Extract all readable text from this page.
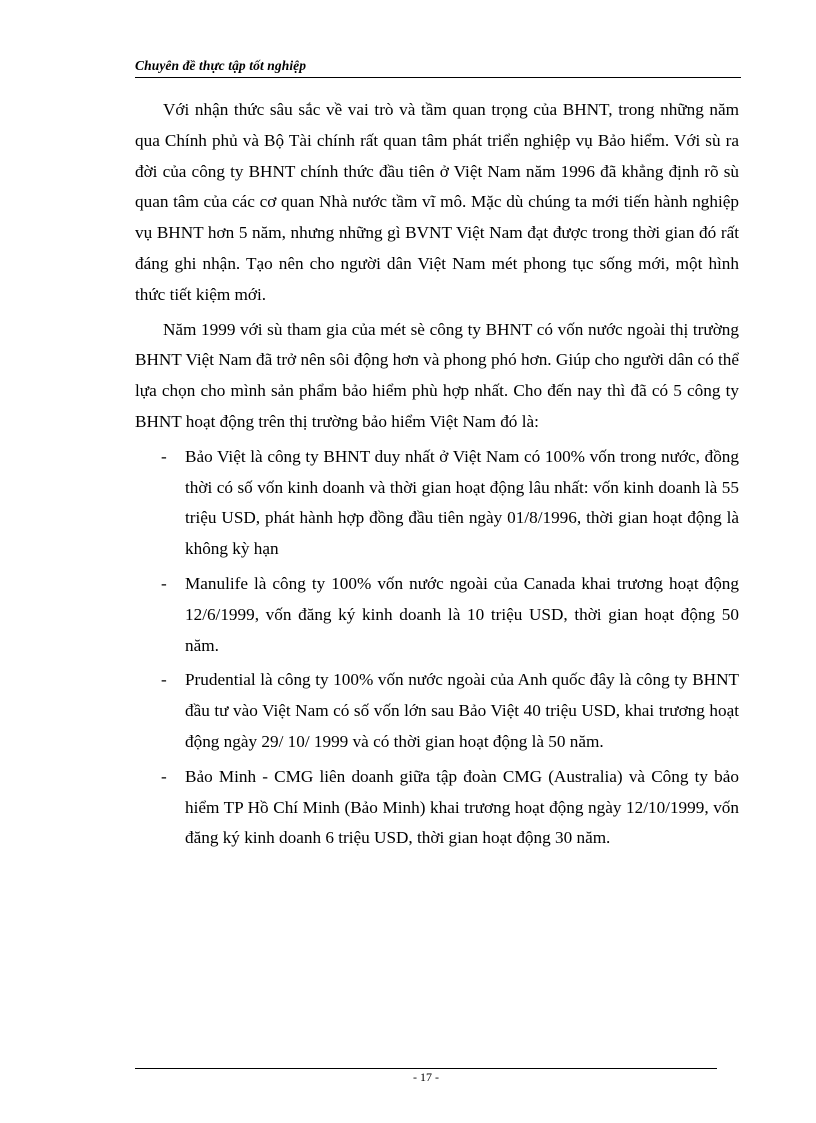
Chuyên đề thực tập tốt nghiệp

Với nhận thức sâu sắc về vai trò và tầm quan trọng của BHNT, trong những năm qua Chính phủ và Bộ Tài chính rất quan tâm phát triển nghiệp vụ Bảo hiểm. Với sù ra đời của công ty BHNT chính thức đầu tiên ở Việt Nam năm 1996 đã khẳng định rõ sù quan tâm của các cơ quan Nhà nước tầm vĩ mô. Mặc dù chúng ta mới tiến hành nghiệp vụ BHNT hơn 5 năm, nhưng những gì BVNT Việt Nam đạt được trong thời gian đó rất đáng ghi nhận. Tạo nên cho người dân Việt Nam mét phong tục sống mới, một hình thức tiết kiệm mới.

Năm 1999 với sù tham gia của mét sè công ty BHNT có vốn nước ngoài thị trường BHNT Việt Nam đã trở nên sôi động hơn và phong phó hơn. Giúp cho người dân có thể lựa chọn cho mình sản phẩm bảo hiểm phù hợp nhất. Cho đến nay thì đã có 5 công ty BHNT hoạt động trên thị trường bảo hiểm Việt Nam đó là:

- Bảo Việt là công ty BHNT duy nhất ở Việt Nam có 100% vốn trong nước, đồng thời có số vốn kinh doanh và thời gian hoạt động lâu nhất: vốn kinh doanh là 55 triệu USD, phát hành hợp đồng đầu tiên ngày 01/8/1996, thời gian hoạt động là không kỳ hạn
- Manulife là công ty 100% vốn nước ngoài của Canada khai trương hoạt động 12/6/1999, vốn đăng ký kinh doanh là 10 triệu USD, thời gian hoạt động 50 năm.
- Prudential là công ty 100% vốn nước ngoài của Anh quốc đây là công ty BHNT đầu tư vào Việt Nam có số vốn lớn sau Bảo Việt 40 triệu USD, khai trương hoạt động ngày 29/ 10/ 1999 và có thời gian hoạt động là 50 năm.
- Bảo Minh - CMG liên doanh giữa tập đoàn CMG (Australia) và Công ty bảo hiểm TP Hồ Chí Minh (Bảo Minh) khai trương hoạt động ngày 12/10/1999, vốn đăng ký kinh doanh 6 triệu USD, thời gian hoạt động 30 năm.
- 17 -
